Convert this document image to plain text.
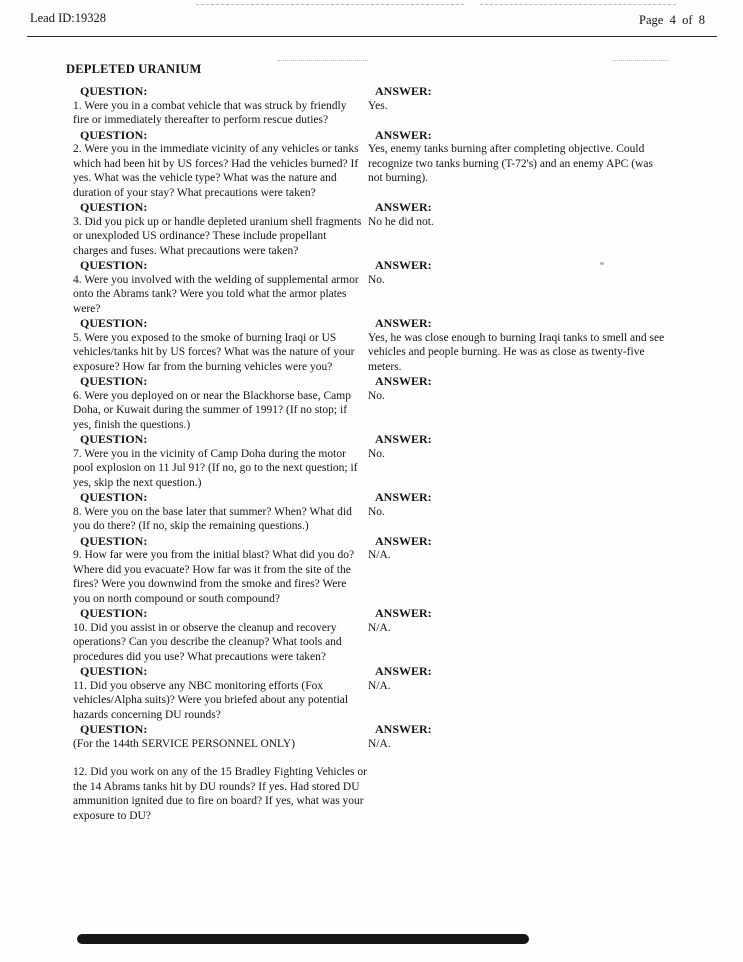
Lead ID:19328	Page  4  of  8
DEPLETED URANIUM
QUESTION:
1. Were you in a combat vehicle that was struck by friendly fire or immediately thereafter to perform rescue duties?
ANSWER:
Yes.
QUESTION:
2. Were you in the immediate vicinity of any vehicles or tanks which had been hit by US forces? Had the vehicles burned? If yes. What was the vehicle type? What was the nature and duration of your stay? What precautions were taken?
ANSWER:
Yes, enemy tanks burning after completing objective. Could recognize two tanks burning (T-72's) and an enemy APC (was not burning).
QUESTION:
3. Did you pick up or handle depleted uranium shell fragments or unexploded US ordinance? These include propellant charges and fuses. What precautions were taken?
ANSWER:
No he did not.
QUESTION:
4. Were you involved with the welding of supplemental armor onto the Abrams tank? Were you told what the armor plates were?
ANSWER:
No.
QUESTION:
5. Were you exposed to the smoke of burning Iraqi or US vehicles/tanks hit by US forces? What was the nature of your exposure? How far from the burning vehicles were you?
ANSWER:
Yes, he was close enough to burning Iraqi tanks to smell and see vehicles and people burning. He was as close as twenty-five meters.
QUESTION:
6. Were you deployed on or near the Blackhorse base, Camp Doha, or Kuwait during the summer of 1991? (If no stop; if yes, finish the questions.)
ANSWER:
No.
QUESTION:
7. Were you in the vicinity of Camp Doha during the motor pool explosion on 11 Jul 91? (If no, go to the next question; if yes, skip the next question.)
ANSWER:
No.
QUESTION:
8. Were you on the base later that summer? When? What did you do there? (If no, skip the remaining questions.)
ANSWER:
No.
QUESTION:
9. How far were you from the initial blast? What did you do? Where did you evacuate? How far was it from the site of the fires? Were you downwind from the smoke and fires? Were you on north compound or south compound?
ANSWER:
N/A.
QUESTION:
10. Did you assist in or observe the cleanup and recovery operations? Can you describe the cleanup? What tools and procedures did you use? What precautions were taken?
ANSWER:
N/A.
QUESTION:
11. Did you observe any NBC monitoring efforts (Fox vehicles/Alpha suits)? Were you briefed about any potential hazards concerning DU rounds?
ANSWER:
N/A.
QUESTION:
(For the 144th SERVICE PERSONNEL ONLY)
ANSWER:
N/A.
12. Did you work on any of the 15 Bradley Fighting Vehicles or the 14 Abrams tanks hit by DU rounds? If yes. Had stored DU ammunition ignited due to fire on board? If yes, what was your exposure to DU?
